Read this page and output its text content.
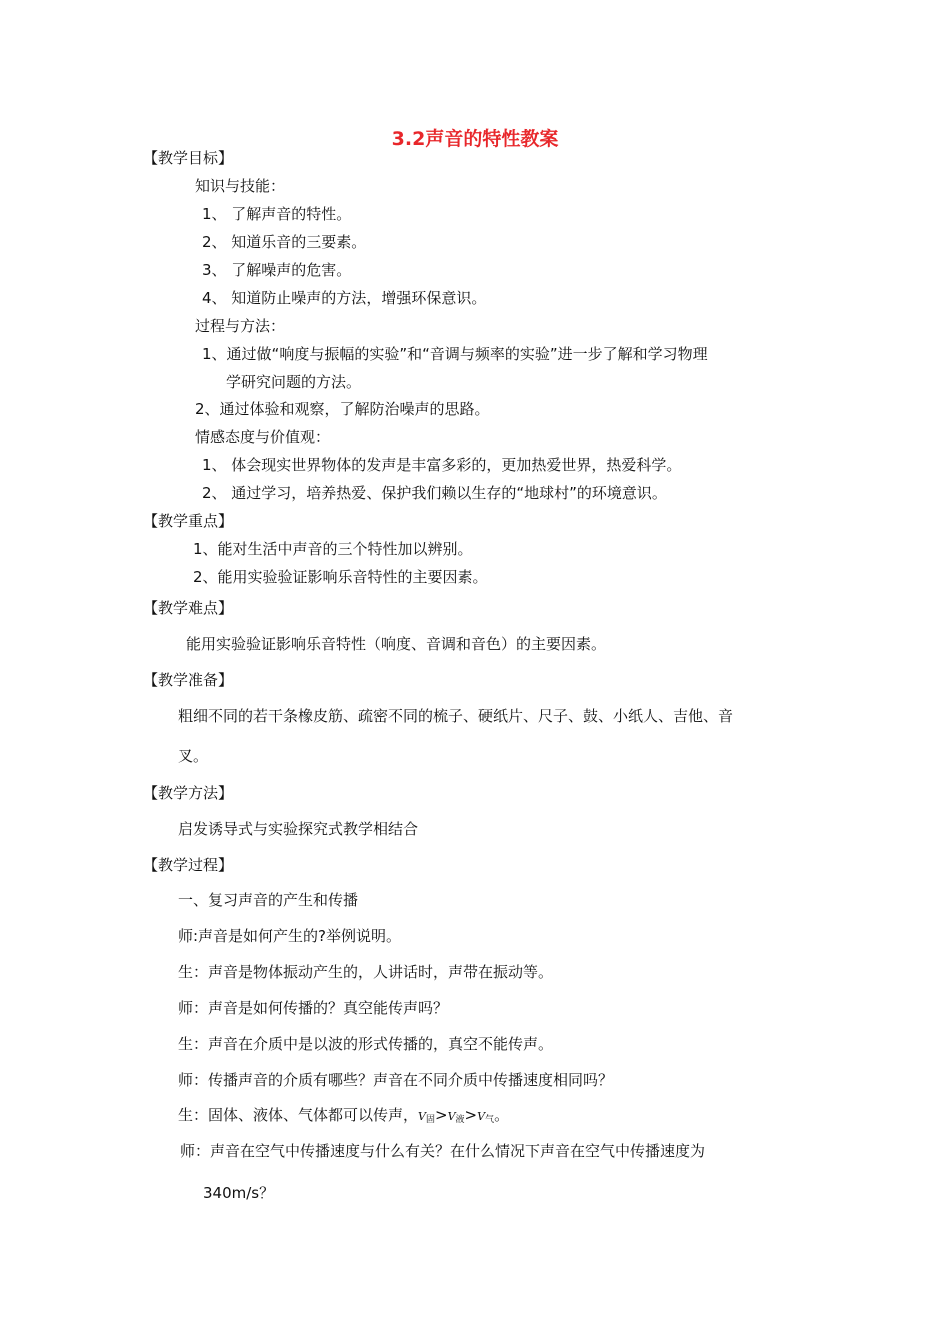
3.2声音的特性教案
【教学目标】
知识与技能：
1、 了解声音的特性。
2、 知道乐音的三要素。
3、 了解噪声的危害。
4、 知道防止噪声的方法，增强环保意识。
过程与方法：
1、通过做“响度与振幅的实验”和“音调与频率的实验”进一步了解和学习物理
学研究问题的方法。
2、通过体验和观察，了解防治噪声的思路。
情感态度与价值观：
1、 体会现实世界物体的发声是丰富多彩的，更加热爱世界，热爱科学。
2、 通过学习，培养热爱、保护我们赖以生存的“地球村”的环境意识。
【教学重点】
1、能对生活中声音的三个特性加以辨别。
2、能用实验验证影响乐音特性的主要因素。
【教学难点】
能用实验验证影响乐音特性（响度、音调和音色）的主要因素。
【教学准备】
粗细不同的若干条橡皮筋、疏密不同的梳子、硬纸片、尺子、鼓、小纸人、吉他、音
叉。
【教学方法】
启发诱导式与实验探究式教学相结合
【教学过程】
一、复习声音的产生和传播
师:声音是如何产生的?举例说明。
生：声音是物体振动产生的，人讲话时，声带在振动等。
师：声音是如何传播的？真空能传声吗？
生：声音在介质中是以波的形式传播的，真空不能传声。
师：传播声音的介质有哪些？声音在不同介质中传播速度相同吗？
生：固体、液体、气体都可以传声，V固>V液>V气。
师：声音在空气中传播速度与什么有关？在什么情况下声音在空气中传播速度为
340m/s？
